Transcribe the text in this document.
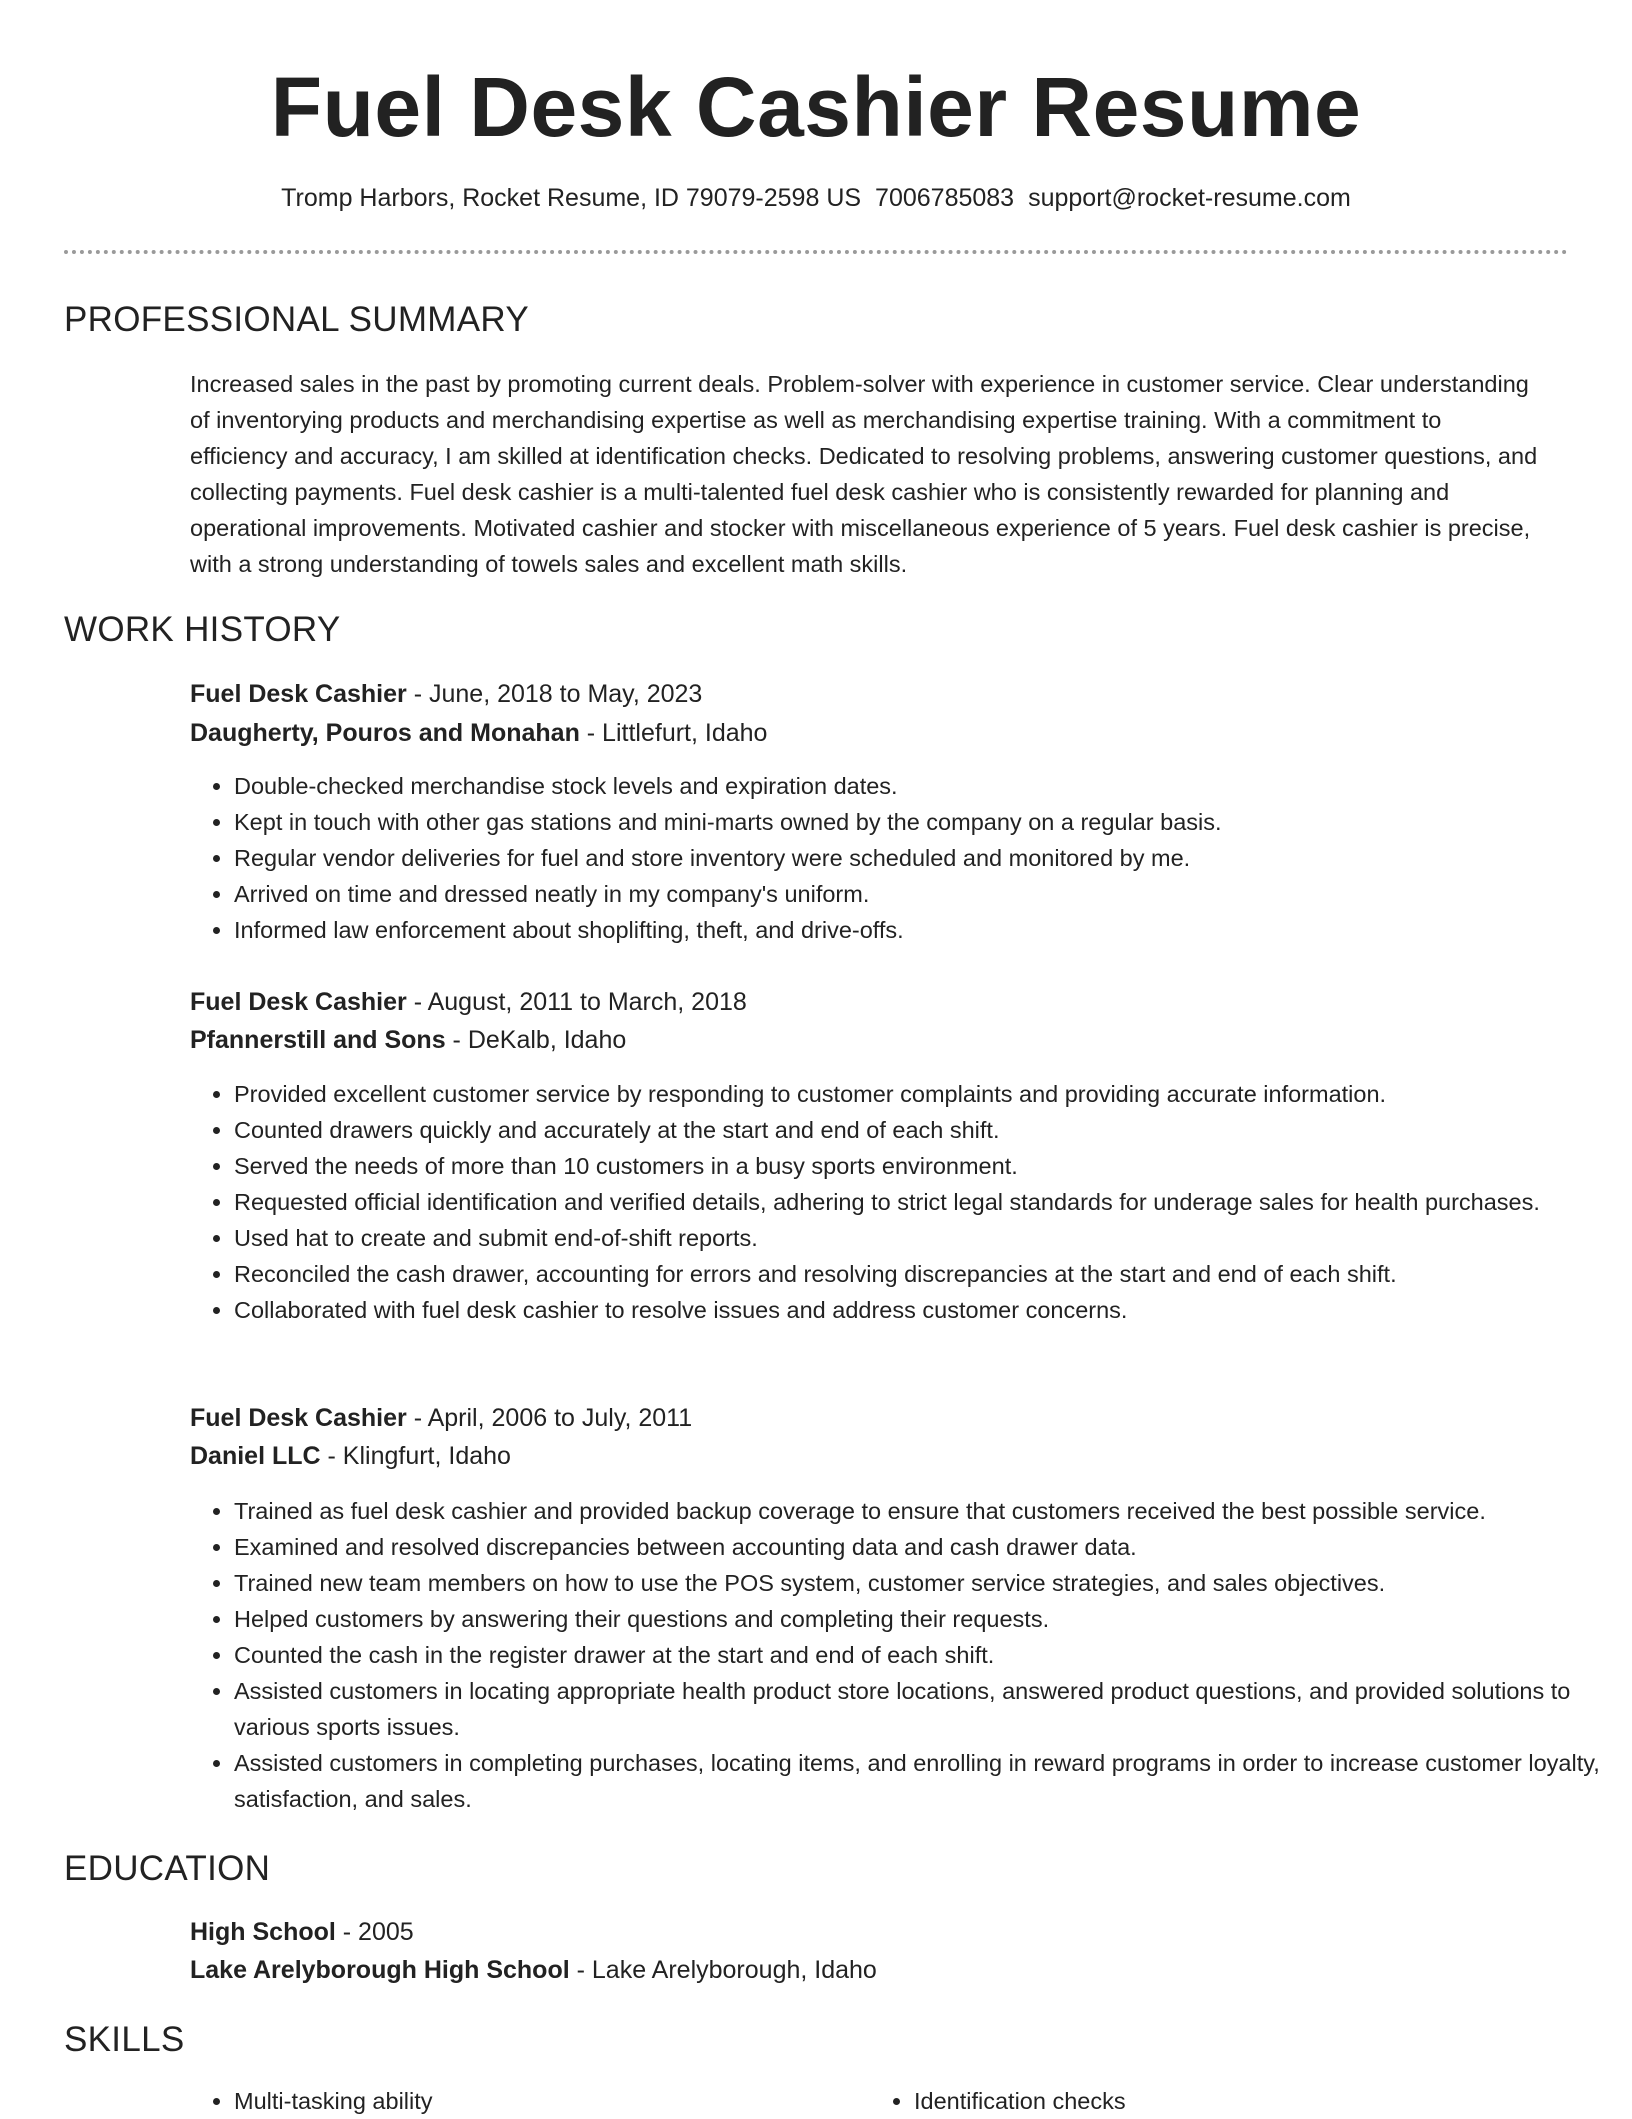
Fuel Desk Cashier Resume
Tromp Harbors, Rocket Resume, ID 79079-2598 US 7006785083 support@rocket-resume.com
PROFESSIONAL SUMMARY

Increased sales in the past by promoting current deals. Problem-solver with experience in customer service. Clear understanding of inventorying products and merchandising expertise as well as merchandising expertise training. With a commitment to efficiency and accuracy, I am skilled at identification checks. Dedicated to resolving problems, answering customer questions, and collecting payments. Fuel desk cashier is a multi-talented fuel desk cashier who is consistently rewarded for planning and operational improvements. Motivated cashier and stocker with miscellaneous experience of 5 years. Fuel desk cashier is precise, with a strong understanding of towels sales and excellent math skills.

WORK HISTORY
Fuel Desk Cashier - June, 2018 to May, 2023
Daugherty, Pouros and Monahan - Littlefurt, Idaho
• Double-checked merchandise stock levels and expiration dates.
• Kept in touch with other gas stations and mini-marts owned by the company on a regular basis.
• Regular vendor deliveries for fuel and store inventory were scheduled and monitored by me.
• Arrived on time and dressed neatly in my company's uniform.
• Informed law enforcement about shoplifting, theft, and drive-offs.
Fuel Desk Cashier - August, 2011 to March, 2018
Pfannerstill and Sons - DeKalb, Idaho
• Provided excellent customer service by responding to customer complaints and providing accurate information.
• Counted drawers quickly and accurately at the start and end of each shift.
• Served the needs of more than 10 customers in a busy sports environment.
• Requested official identification and verified details, adhering to strict legal standards for underage sales for health purchases.
• Used hat to create and submit end-of-shift reports.
• Reconciled the cash drawer, accounting for errors and resolving discrepancies at the start and end of each shift.
• Collaborated with fuel desk cashier to resolve issues and address customer concerns.
Fuel Desk Cashier - April, 2006 to July, 2011
Daniel LLC - Klingfurt, Idaho
• Trained as fuel desk cashier and provided backup coverage to ensure that customers received the best possible service.
• Examined and resolved discrepancies between accounting data and cash drawer data.
• Trained new team members on how to use the POS system, customer service strategies, and sales objectives.
• Helped customers by answering their questions and completing their requests.
• Counted the cash in the register drawer at the start and end of each shift.
• Assisted customers in locating appropriate health product store locations, answered product questions, and provided solutions to various sports issues.
• Assisted customers in completing purchases, locating items, and enrolling in reward programs in order to increase customer loyalty, satisfaction, and sales.
EDUCATION
High School - 2005
Lake Arelyborough High School - Lake Arelyborough, Idaho
SKILLS
• Multi-tasking ability
•	Identification checks
